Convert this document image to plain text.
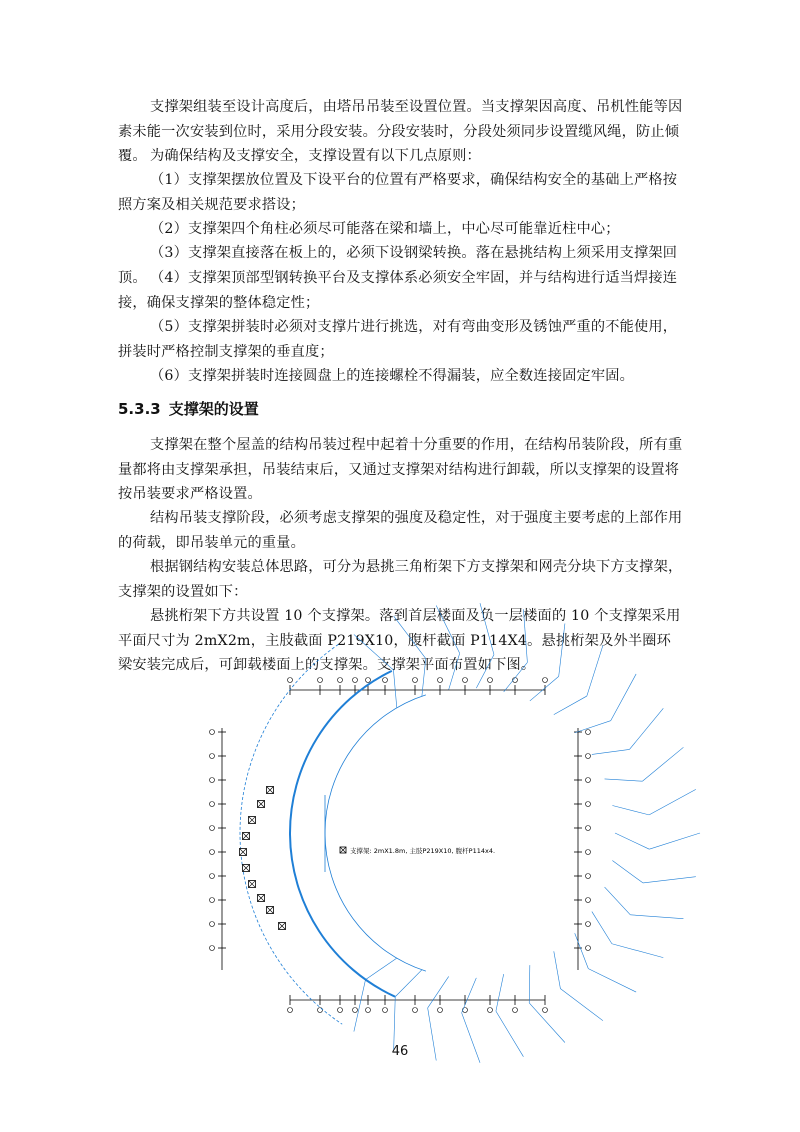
支撑架组装至设计高度后，由塔吊吊装至设置位置。当支撑架因高度、吊机性能等因素未能一次安装到位时，采用分段安装。分段安装时，分段处须同步设置缆风绳，防止倾覆。 为确保结构及支撑安全，支撑设置有以下几点原则：

（1）支撑架摆放位置及下设平台的位置有严格要求，确保结构安全的基础上严格按照方案及相关规范要求搭设；

（2）支撑架四个角柱必须尽可能落在梁和墙上，中心尽可能靠近柱中心；

（3）支撑架直接落在板上的，必须下设钢梁转换。落在悬挑结构上须采用支撑架回顶。 （4）支撑架顶部型钢转换平台及支撑体系必须安全牢固，并与结构进行适当焊接连接，确保支撑架的整体稳定性；

（5）支撑架拼装时必须对支撑片进行挑选，对有弯曲变形及锈蚀严重的不能使用，拼装时严格控制支撑架的垂直度；

（6）支撑架拼装时连接圆盘上的连接螺栓不得漏装，应全数连接固定牢固。

5.3.3 支撑架的设置

支撑架在整个屋盖的结构吊装过程中起着十分重要的作用，在结构吊装阶段，所有重量都将由支撑架承担，吊装结束后，又通过支撑架对结构进行卸载，所以支撑架的设置将按吊装要求严格设置。

结构吊装支撑阶段，必须考虑支撑架的强度及稳定性，对于强度主要考虑的上部作用的荷载，即吊装单元的重量。

根据钢结构安装总体思路，可分为悬挑三角桁架下方支撑架和网壳分块下方支撑架，支撑架的设置如下：

悬挑桁架下方共设置 10 个支撑架。落到首层楼面及负一层楼面的 10 个支撑架采用平面尺寸为 2mX2m，主肢截面 P219X10，腹杆截面 P114X4。悬挑桁架及外半圈环梁安装完成后，可卸载楼面上的支撑架。支撑架平面布置如下图。

支撑架: 2mX1.8m, 主肢P219X10, 腹杆P114x4.
46
